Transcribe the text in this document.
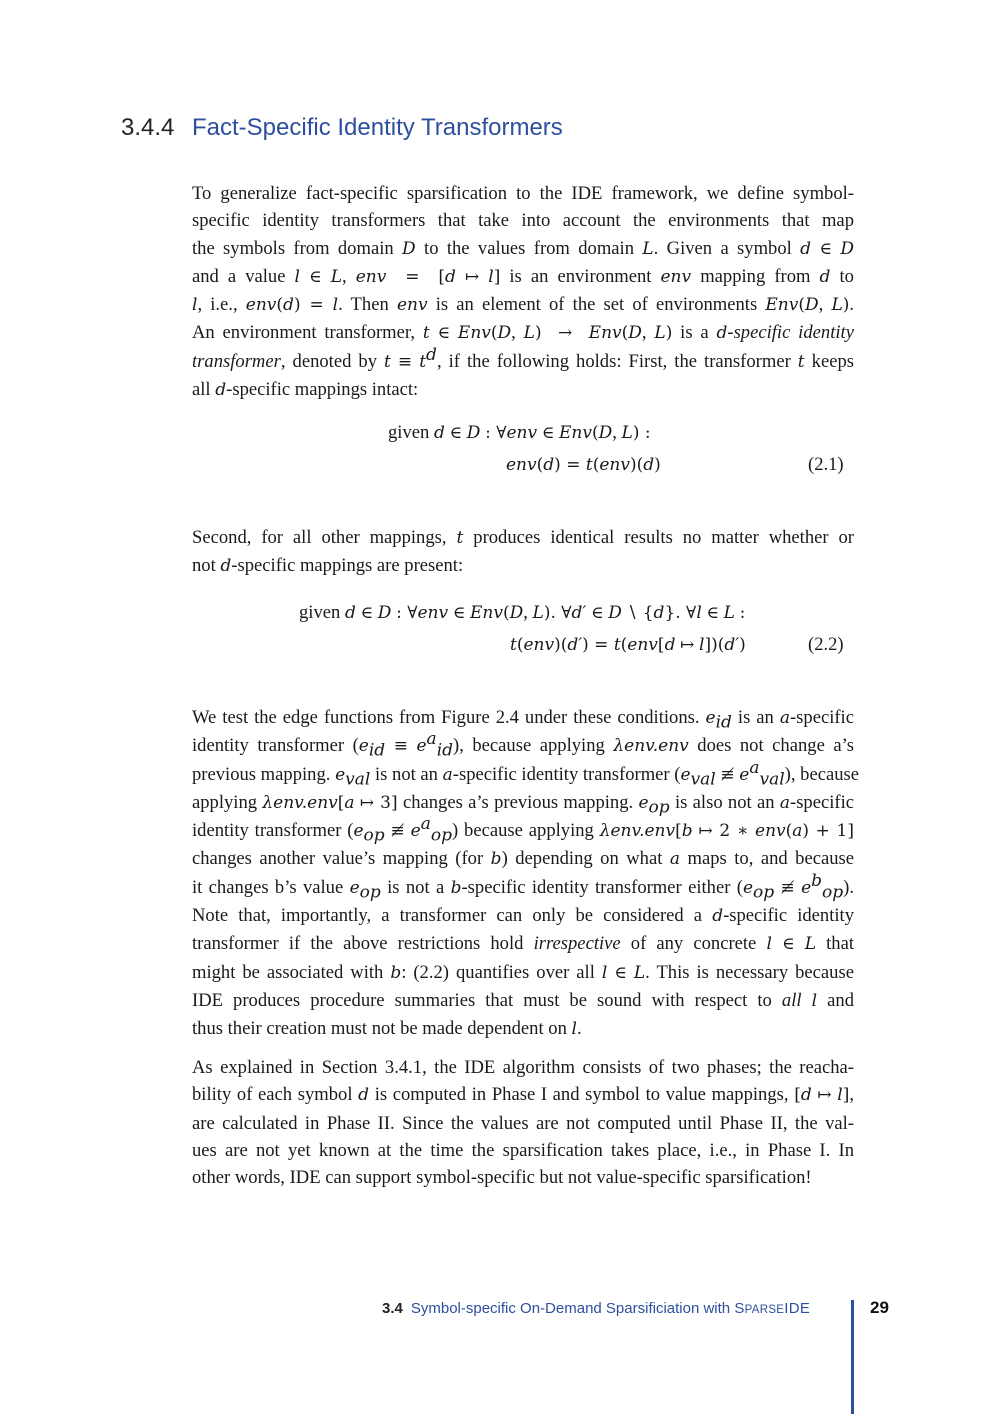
3.4.4 Fact-Specific Identity Transformers

To generalize fact-specific sparsification to the IDE framework, we define symbol-
specific identity transformers that take into account the environments that map
the symbols from domain D to the values from domain L. Given a symbol d ∈ D
and a value l ∈ L, env  =  [d ↦ l] is an environment env mapping from d to
l, i.e., env(d) = l. Then env is an element of the set of environments Env(D, L).
An environment transformer, t ∈ Env(D, L)  →  Env(D, L) is a d-specific identity
transformer, denoted by $t \equiv t^d$, if the following holds: First, the transformer t keeps
all d-specific mappings intact:

given d ∈ D : ∀env ∈ Env(D, L) :
env(d) = t(env)(d)	(2.1)

Second, for all other mappings, t produces identical results no matter whether or
not d-specific mappings are present:

given d ∈ D : ∀env ∈ Env(D, L). ∀d′ ∈ D ∖ {d}. ∀l ∈ L :
t(env)(d′) = t(env[d ↦ l])(d′)	(2.2)

We test the edge functions from Figure 2.4 under these conditions. $e_{id}$ is an a-specific
identity transformer $(e_{id} \equiv e^a_{id})$, because applying λenv.env does not change a’s
previous mapping. $e_{val}$ is not an a-specific identity transformer ($e_{val}$ ≢ $e^a_{val}$), because
applying λenv.env[a ↦ 3] changes a’s previous mapping. $e_{op}$ is also not an a-specific
identity transformer ($e_{op}$ ≢ $e^a_{op}$) because applying λenv.env[b ↦ 2 ∗ env(a) + 1]
changes another value’s mapping (for b) depending on what a maps to, and because
it changes b’s value $e_{op}$ is not a b-specific identity transformer either ($e_{op}$ ≢ $e^b_{op}$).
Note that, importantly, a transformer can only be considered a d-specific identity
transformer if the above restrictions hold irrespective of any concrete l ∈ L that
might be associated with b: (2.2) quantifies over all l ∈ L. This is necessary because
IDE produces procedure summaries that must be sound with respect to all l and
thus their creation must not be made dependent on l.

As explained in Section 3.4.1, the IDE algorithm consists of two phases; the reacha-
bility of each symbol d is computed in Phase I and symbol to value mappings, [d ↦ l],
are calculated in Phase II. Since the values are not computed until Phase II, the val-
ues are not yet known at the time the sparsification takes place, i.e., in Phase I. In
other words, IDE can support symbol-specific but not value-specific sparsification!

3.4 Symbol-specific On-Demand Sparsificiation with SPARSEIDE	29
